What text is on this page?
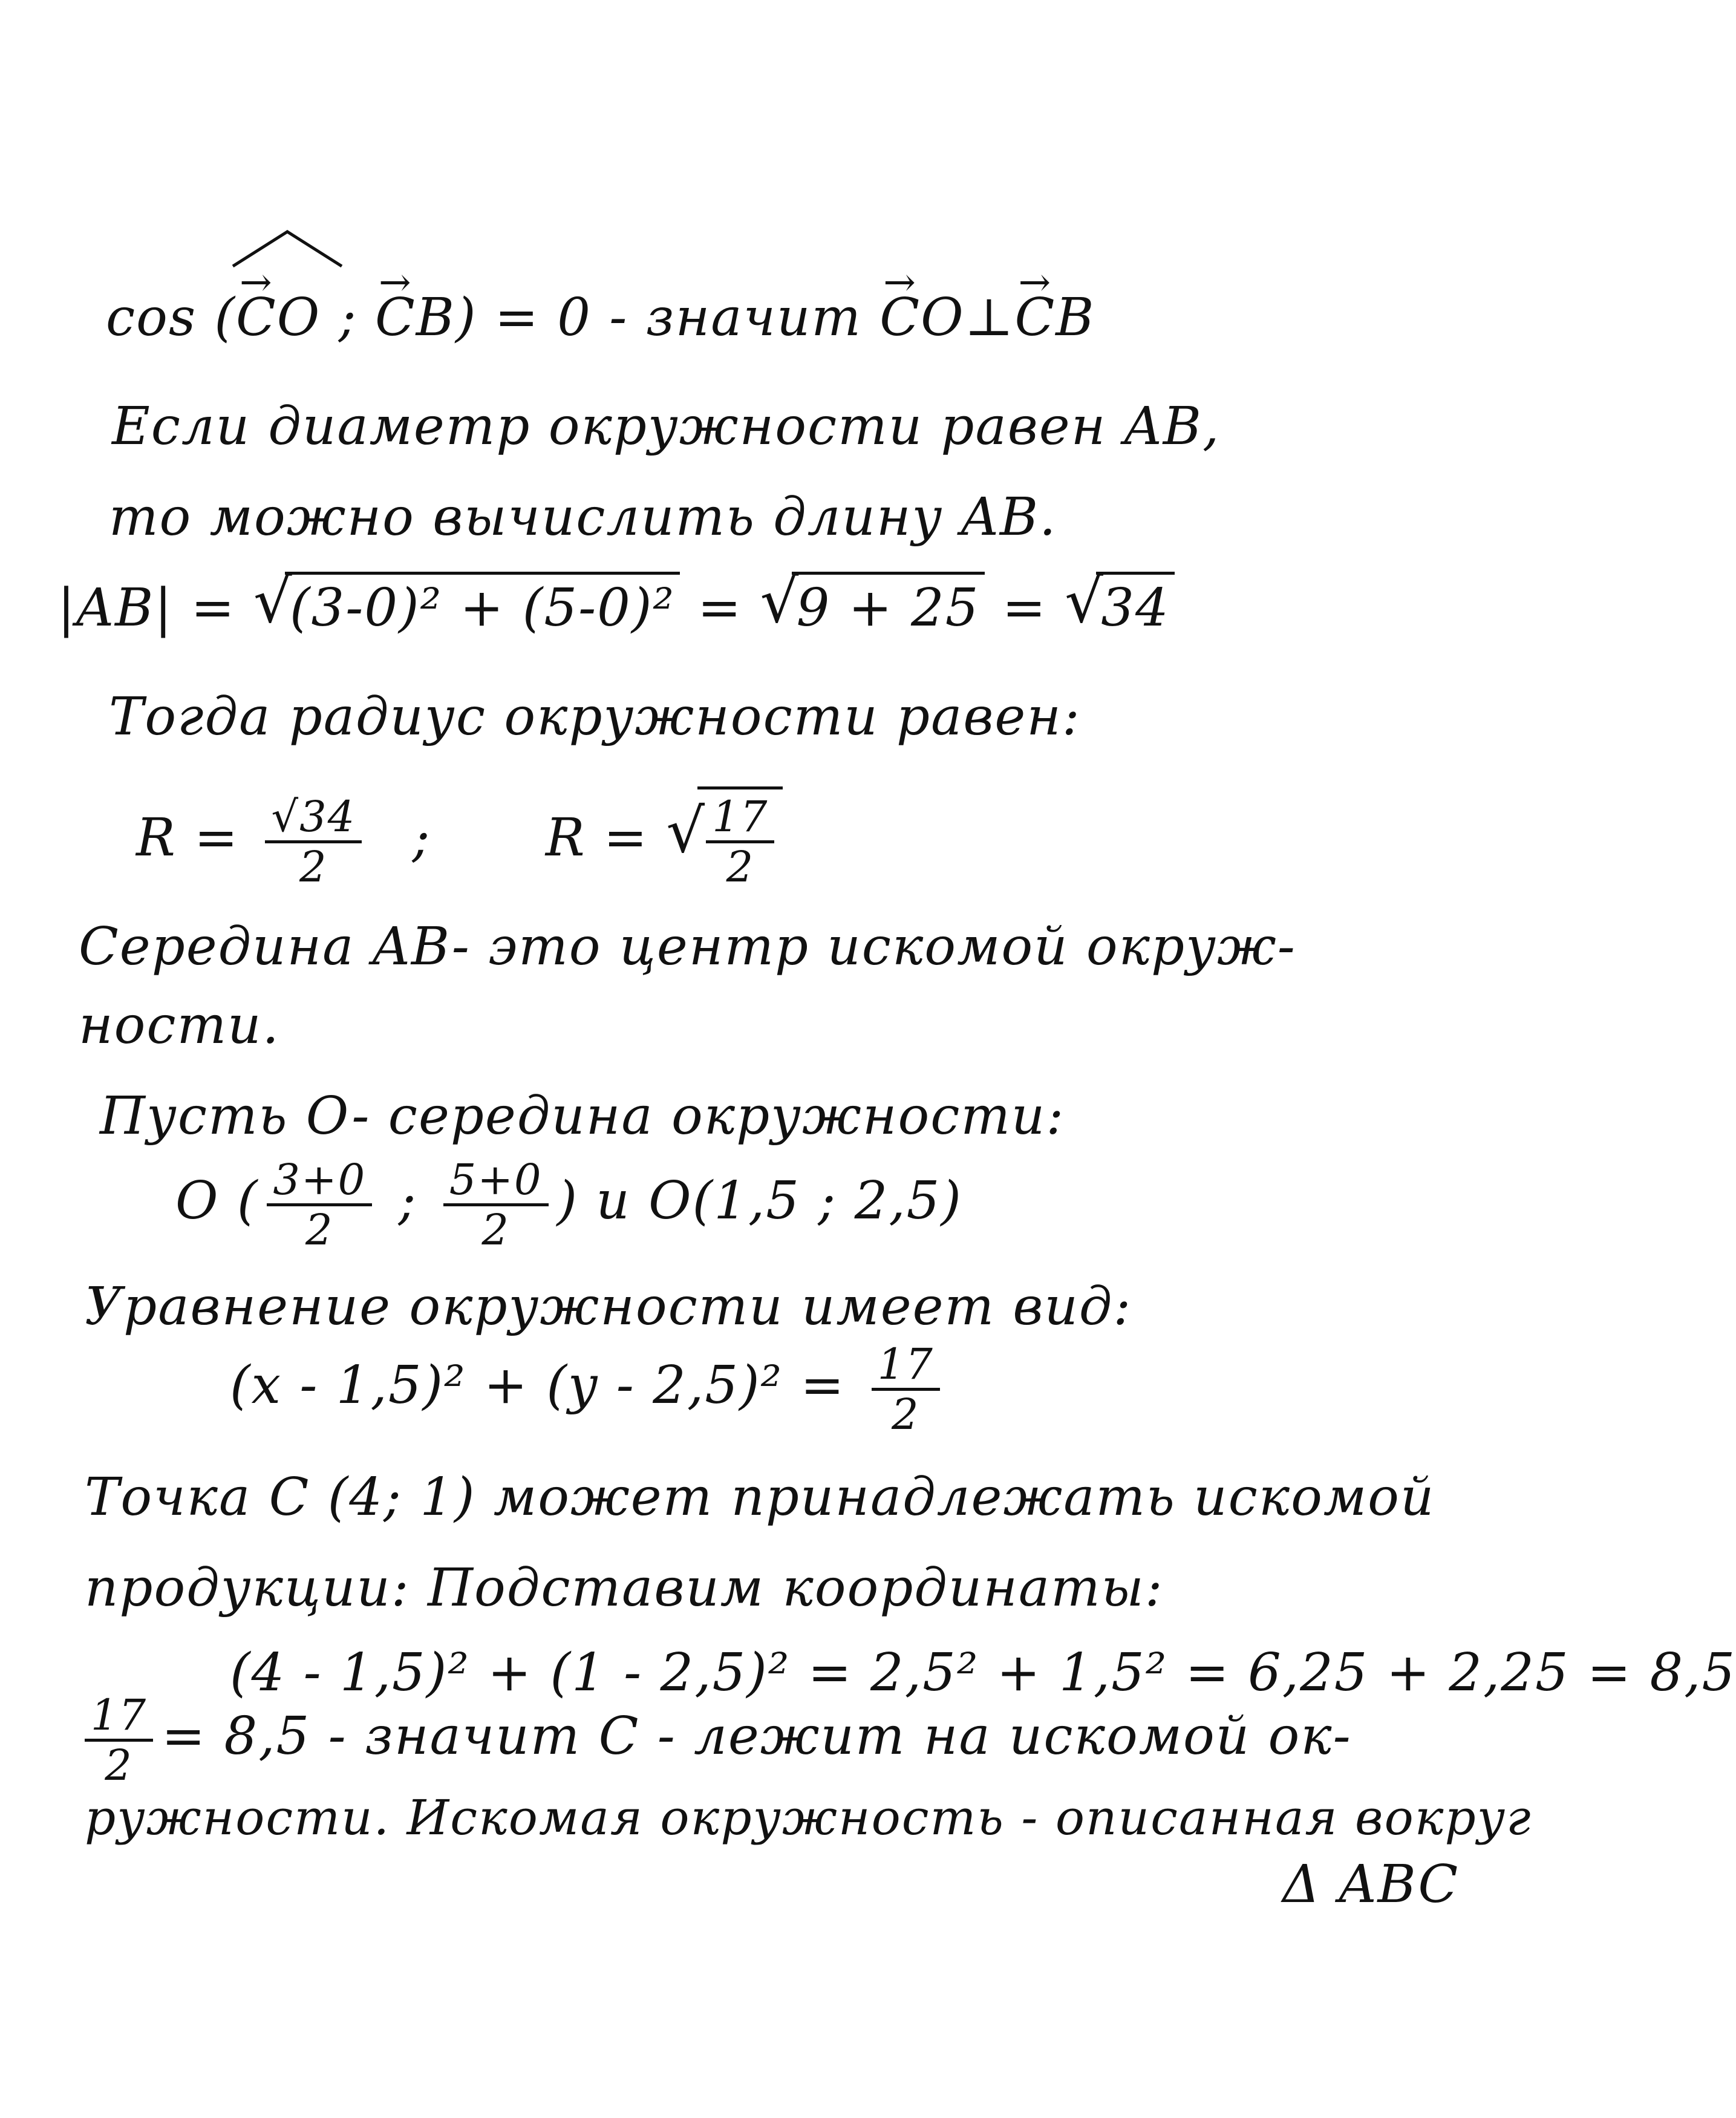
cos (→ CO ; → CB) = 0 - значит → CO⊥→ CB
Если диаметр окружности равен AB,
то можно вычислить длину AB.
|AB| = √ (3-0)² + (5-0)² = √ 9 + 25 = √ 34
Тогда радиус окружности равен:
$R = \frac{√34}{2}$ ; R =
√ $\frac{17}{2}$
Середина AB- это центр искомой окруж-
ности.
Пусть O- середина окружности:
O ( $\frac{3+0}{2}$ ; $\frac{5+0}{2}$ ) и O(1,5 ; 2,5)
Уравнение окружности имеет вид:
$(x - 1,5)^2 + (y - 2,5)^2 = \frac{17}{2}$
Точка C (4; 1) может принадлежать искомой
продукции: Подставим координаты:
(4 - 1,5)² + (1 - 2,5)² = 2,5² + 1,5² = 6,25 + 2,25 = 8,5
$\frac{17}{2} = 8,5$ - значит C - лежит на искомой ок-
ружности. Искомая окружность - описанная вокруг
Δ ABC
